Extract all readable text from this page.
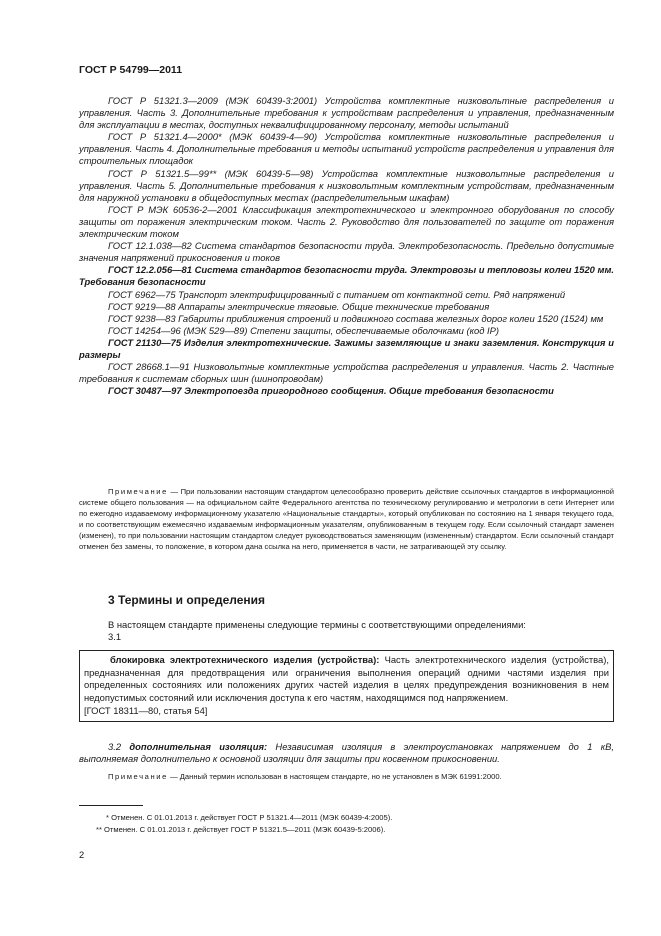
ГОСТ Р 54799—2011

ГОСТ Р 51321.3—2009 (МЭК 60439-3:2001) Устройства комплектные низковольтные распределения и управления. Часть 3. Дополнительные требования к устройствам распределения и управления, предназначенным для эксплуатации в местах, доступных неквалифицированному персоналу, методы испытаний

ГОСТ Р 51321.4—2000* (МЭК 60439-4—90) Устройства комплектные низковольтные распределения и управления. Часть 4. Дополнительные требования и методы испытаний устройств распределения и управления для строительных площадок

ГОСТ Р 51321.5—99** (МЭК 60439-5—98) Устройства комплектные низковольтные распределения и управления. Часть 5. Дополнительные требования к низковольтным комплектным устройствам, предназначенным для наружной установки в общедоступных местах (распределительным шкафам)

ГОСТ Р МЭК 60536-2—2001 Классификация электротехнического и электронного оборудования по способу защиты от поражения электрическим током. Часть 2. Руководство для пользователей по защите от поражения электрическим током

ГОСТ 12.1.038—82 Система стандартов безопасности труда. Электробезопасность. Предельно допустимые значения напряжений прикосновения и токов

ГОСТ 12.2.056—81 Система стандартов безопасности труда. Электровозы и тепловозы колеи 1520 мм. Требования безопасности

ГОСТ 6962—75 Транспорт электрифицированный с питанием от контактной сети. Ряд напряжений

ГОСТ 9219—88 Аппараты электрические тяговые. Общие технические требования

ГОСТ 9238—83 Габариты приближения строений и подвижного состава железных дорог колеи 1520 (1524) мм

ГОСТ 14254—96 (МЭК 529—89) Степени защиты, обеспечиваемые оболочками (код IP)

ГОСТ 21130—75 Изделия электротехнические. Зажимы заземляющие и знаки заземления. Конструкция и размеры

ГОСТ 28668.1—91 Низковольтные комплектные устройства распределения и управления. Часть 2. Частные требования к системам сборных шин (шинопроводам)

ГОСТ 30487—97 Электропоезда пригородного сообщения. Общие требования безопасности

Примечание — При пользовании настоящим стандартом целесообразно проверить действие ссылочных стандартов в информационной системе общего пользования — на официальном сайте Федерального агентства по техническому регулированию и метрологии в сети Интернет или по ежегодно издаваемому информационному указателю «Национальные стандарты», который опубликован по состоянию на 1 января текущего года, и по соответствующим ежемесячно издаваемым информационным указателям, опубликованным в текущем году. Если ссылочный стандарт заменен (изменен), то при пользовании настоящим стандартом следует руководствоваться заменяющим (измененным) стандартом. Если ссылочный стандарт отменен без замены, то положение, в котором дана ссылка на него, применяется в части, не затрагивающей эту ссылку.
3 Термины и определения
В настоящем стандарте применены следующие термины с соответствующими определениями:
3.1

блокировка электротехнического изделия (устройства): Часть электротехнического изделия (устройства), предназначенная для предотвращения или ограничения выполнения операций одними частями изделия при определенных состояниях или положениях других частей изделия в целях предупреждения возникновения в нем недопустимых состояний или исключения доступа к его частям, находящимся под напряжением.

[ГОСТ 18311—80, статья 54]

3.2 дополнительная изоляция: Независимая изоляция в электроустановках напряжением до 1 кВ, выполняемая дополнительно к основной изоляции для защиты при косвенном прикосновении.
Примечание — Данный термин использован в настоящем стандарте, но не установлен в МЭК 61991:2000.

* Отменен. С 01.01.2013 г. действует ГОСТ Р 51321.4—2011 (МЭК 60439-4:2005).

** Отменен. С 01.01.2013 г. действует ГОСТ Р 51321.5—2011 (МЭК 60439-5:2006).

2
